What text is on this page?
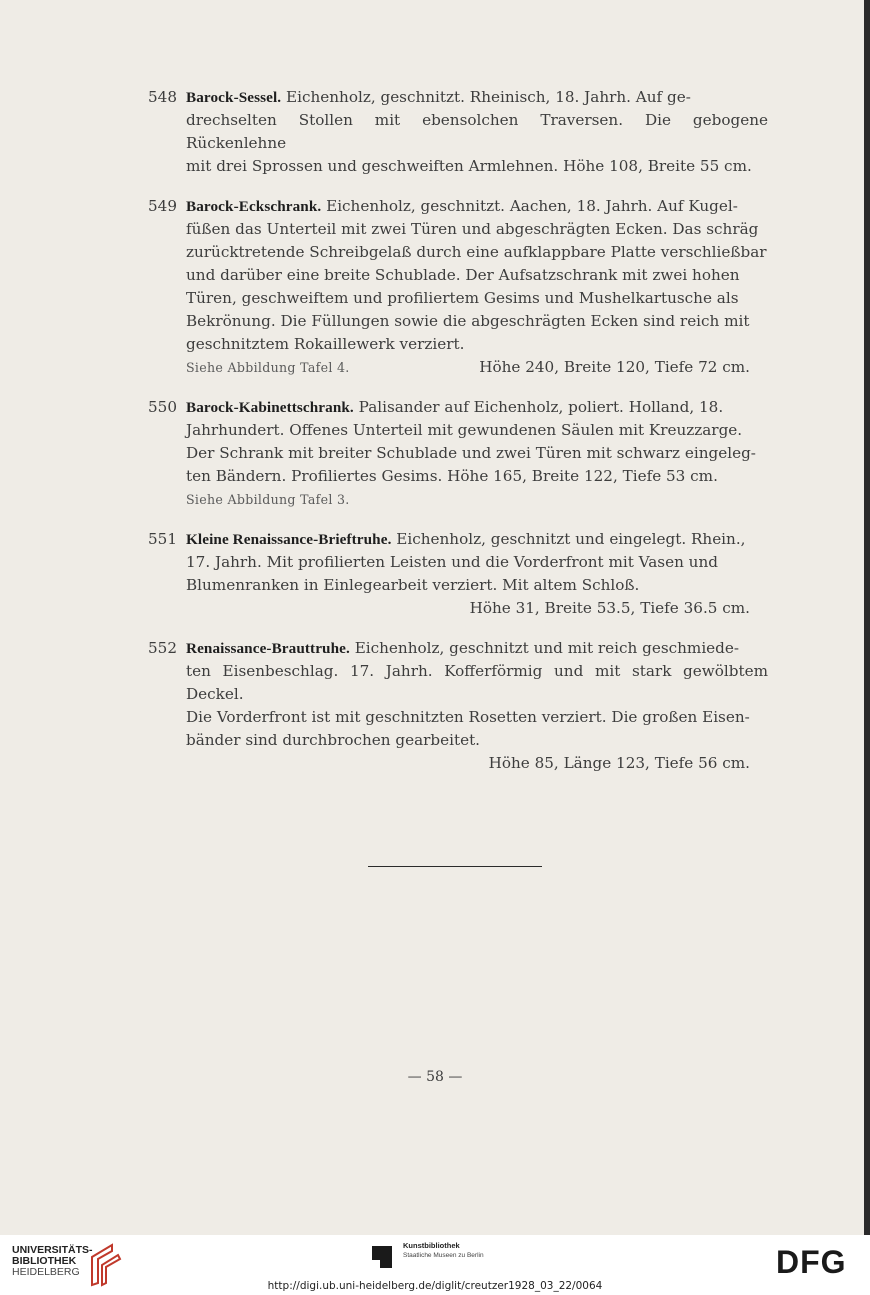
548 Barock-Sessel. Eichenholz, geschnitzt. Rheinisch, 18. Jahrh. Auf ge-
drechselten Stollen mit ebensolchen Traversen. Die gebogene Rückenlehne
mit drei Sprossen und geschweiften Armlehnen. Höhe 108, Breite 55 cm.
549 Barock-Eckschrank. Eichenholz, geschnitzt. Aachen, 18. Jahrh. Auf Kugel-
füßen das Unterteil mit zwei Türen und abgeschrägten Ecken. Das schräg
zurücktretende Schreibgelaß durch eine aufklappbare Platte verschließbar
und darüber eine breite Schublade. Der Aufsatzschrank mit zwei hohen
Türen, geschweiftem und profiliertem Gesims und Mushelkartusche als
Bekrönung. Die Füllungen sowie die abgeschrägten Ecken sind reich mit
geschnitztem Rokaillewerk verziert.
Siehe Abbildung Tafel 4.	Höhe 240, Breite 120, Tiefe 72 cm.
550 Barock-Kabinettschrank. Palisander auf Eichenholz, poliert. Holland, 18.
Jahrhundert. Offenes Unterteil mit gewundenen Säulen mit Kreuzzarge.
Der Schrank mit breiter Schublade und zwei Türen mit schwarz eingeleg-
ten Bändern. Profiliertes Gesims. Höhe 165, Breite 122, Tiefe 53 cm.
Siehe Abbildung Tafel 3.
551 Kleine Renaissance-Brieftruhe. Eichenholz, geschnitzt und eingelegt. Rhein.,
17. Jahrh. Mit profilierten Leisten und die Vorderfront mit Vasen und
Blumenranken in Einlegearbeit verziert. Mit altem Schloß.
Höhe 31, Breite 53.5, Tiefe 36.5 cm.
552 Renaissance-Brauttruhe. Eichenholz, geschnitzt und mit reich geschmiede-
ten Eisenbeschlag. 17. Jahrh. Kofferförmig und mit stark gewölbtem Deckel.
Die Vorderfront ist mit geschnitzten Rosetten verziert. Die großen Eisen-
bänder sind durchbrochen gearbeitet.
Höhe 85, Länge 123, Tiefe 56 cm.
— 58 —
UNIVERSITÄTS-
BIBLIOTHEK
HEIDELBERG
Kunstbibliothek
Staatliche Museen zu Berlin	DFG
http://digi.ub.uni-heidelberg.de/diglit/creutzer1928_03_22/0064
